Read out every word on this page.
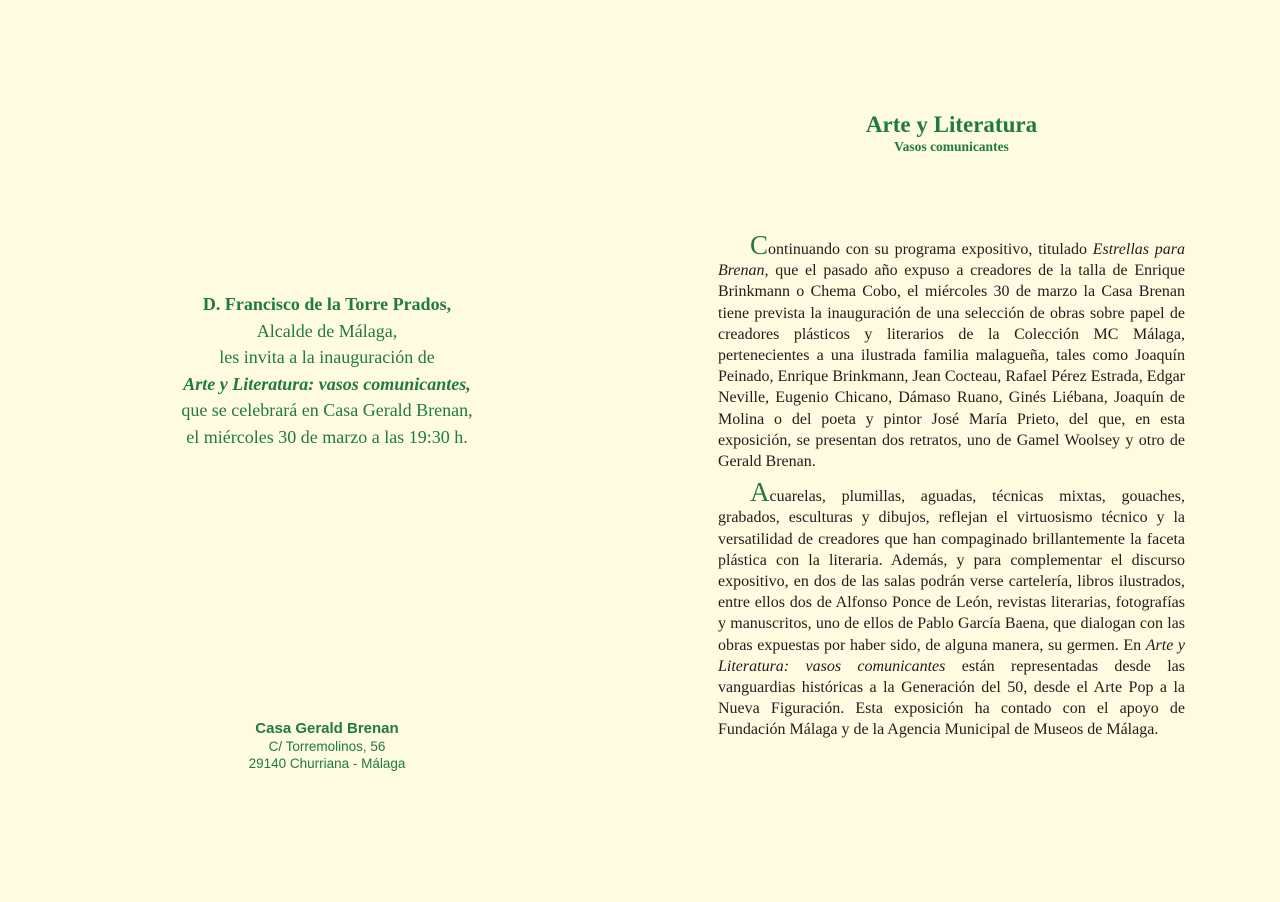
D. Francisco de la Torre Prados,

Alcalde de Málaga,

les invita a la inauguración de

Arte y Literatura: vasos comunicantes,

que se celebrará en Casa Gerald Brenan,

el miércoles 30 de marzo a las 19:30 h.

Casa Gerald Brenan

C/ Torremolinos, 56

29140 Churriana - Málaga

Arte y Literatura
Vasos comunicantes

Continuando con su programa expositivo, titulado Estrellas para Brenan, que el pasado año expuso a creadores de la talla de Enrique Brinkmann o Chema Cobo, el miércoles 30 de marzo la Casa Brenan tiene prevista la inauguración de una selección de obras sobre papel de creadores plásticos y literarios de la Colección MC Málaga, pertenecientes a una ilustrada familia malagueña, tales como Joaquín Peinado, Enrique Brinkmann, Jean Cocteau, Rafael Pérez Estrada, Edgar Neville, Eugenio Chicano, Dámaso Ruano, Ginés Liébana, Joaquín de Molina o del poeta y pintor José María Prieto, del que, en esta exposición, se presentan dos retratos, uno de Gamel Woolsey y otro de Gerald Brenan.

Acuarelas, plumillas, aguadas, técnicas mixtas, gouaches, grabados, esculturas y dibujos, reflejan el virtuosismo técnico y la versatilidad de creadores que han compaginado brillantemente la faceta plástica con la literaria. Además, y para complementar el discurso expositivo, en dos de las salas podrán verse cartelería, libros ilustrados, entre ellos dos de Alfonso Ponce de León, revistas literarias, fotografías y manuscritos, uno de ellos de Pablo García Baena, que dialogan con las obras expuestas por haber sido, de alguna manera, su germen. En Arte y Literatura: vasos comunicantes están representadas desde las vanguardias históricas a la Generación del 50, desde el Arte Pop a la Nueva Figuración. Esta exposición ha contado con el apoyo de Fundación Málaga y de la Agencia Municipal de Museos de Málaga.
